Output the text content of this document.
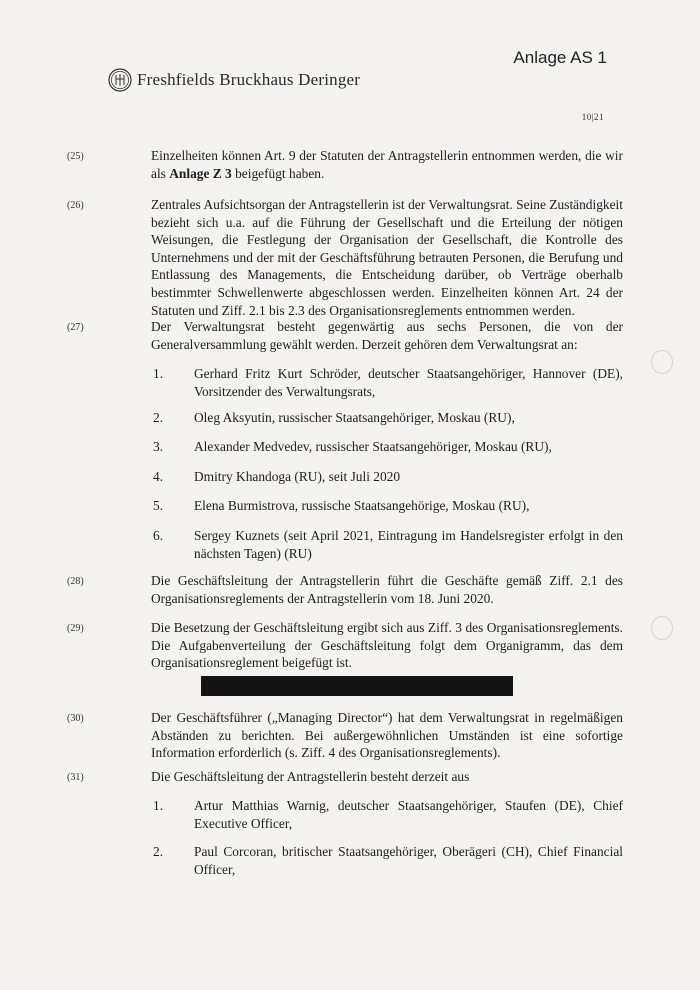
Anlage AS 1
Freshfields Bruckhaus Deringer
10|21
(25)	Einzelheiten können Art. 9 der Statuten der Antragstellerin entnommen werden, die wir als Anlage Z 3 beigefügt haben.
(26)	Zentrales Aufsichtsorgan der Antragstellerin ist der Verwaltungsrat. Seine Zuständigkeit bezieht sich u.a. auf die Führung der Gesellschaft und die Erteilung der nötigen Weisungen, die Festlegung der Organisation der Gesellschaft, die Kontrolle des Unternehmens und der mit der Geschäftsführung betrauten Personen, die Berufung und Entlassung des Managements, die Entscheidung darüber, ob Verträge oberhalb bestimmter Schwellenwerte abgeschlossen werden. Einzelheiten können Art. 24 der Statuten und Ziff. 2.1 bis 2.3 des Organisationsreglements entnommen werden.
(27)	Der Verwaltungsrat besteht gegenwärtig aus sechs Personen, die von der Generalversammlung gewählt werden. Derzeit gehören dem Verwaltungsrat an:
1. Gerhard Fritz Kurt Schröder, deutscher Staatsangehöriger, Hannover (DE), Vorsitzender des Verwaltungsrats,
2. Oleg Aksyutin, russischer Staatsangehöriger, Moskau (RU),
3. Alexander Medvedev, russischer Staatsangehöriger, Moskau (RU),
4. Dmitry Khandoga (RU), seit Juli 2020
5. Elena Burmistrova, russische Staatsangehörige, Moskau (RU),
6. Sergey Kuznets (seit April 2021, Eintragung im Handelsregister erfolgt in den nächsten Tagen) (RU)
(28)	Die Geschäftsleitung der Antragstellerin führt die Geschäfte gemäß Ziff. 2.1 des Organisationsreglements der Antragstellerin vom 18. Juni 2020.
(29)	Die Besetzung der Geschäftsleitung ergibt sich aus Ziff. 3 des Organisationsreglements. Die Aufgabenverteilung der Geschäftsleitung folgt dem Organigramm, das dem Organisationsreglement beigefügt ist.
(30)	Der Geschäftsführer („Managing Director“) hat dem Verwaltungsrat in regelmäßigen Abständen zu berichten. Bei außergewöhnlichen Umständen ist eine sofortige Information erforderlich (s. Ziff. 4 des Organisationsreglements).
(31)	Die Geschäftsleitung der Antragstellerin besteht derzeit aus
1. Artur Matthias Warnig, deutscher Staatsangehöriger, Staufen (DE), Chief Executive Officer,
2. Paul Corcoran, britischer Staatsangehöriger, Oberägeri (CH), Chief Financial Officer,
